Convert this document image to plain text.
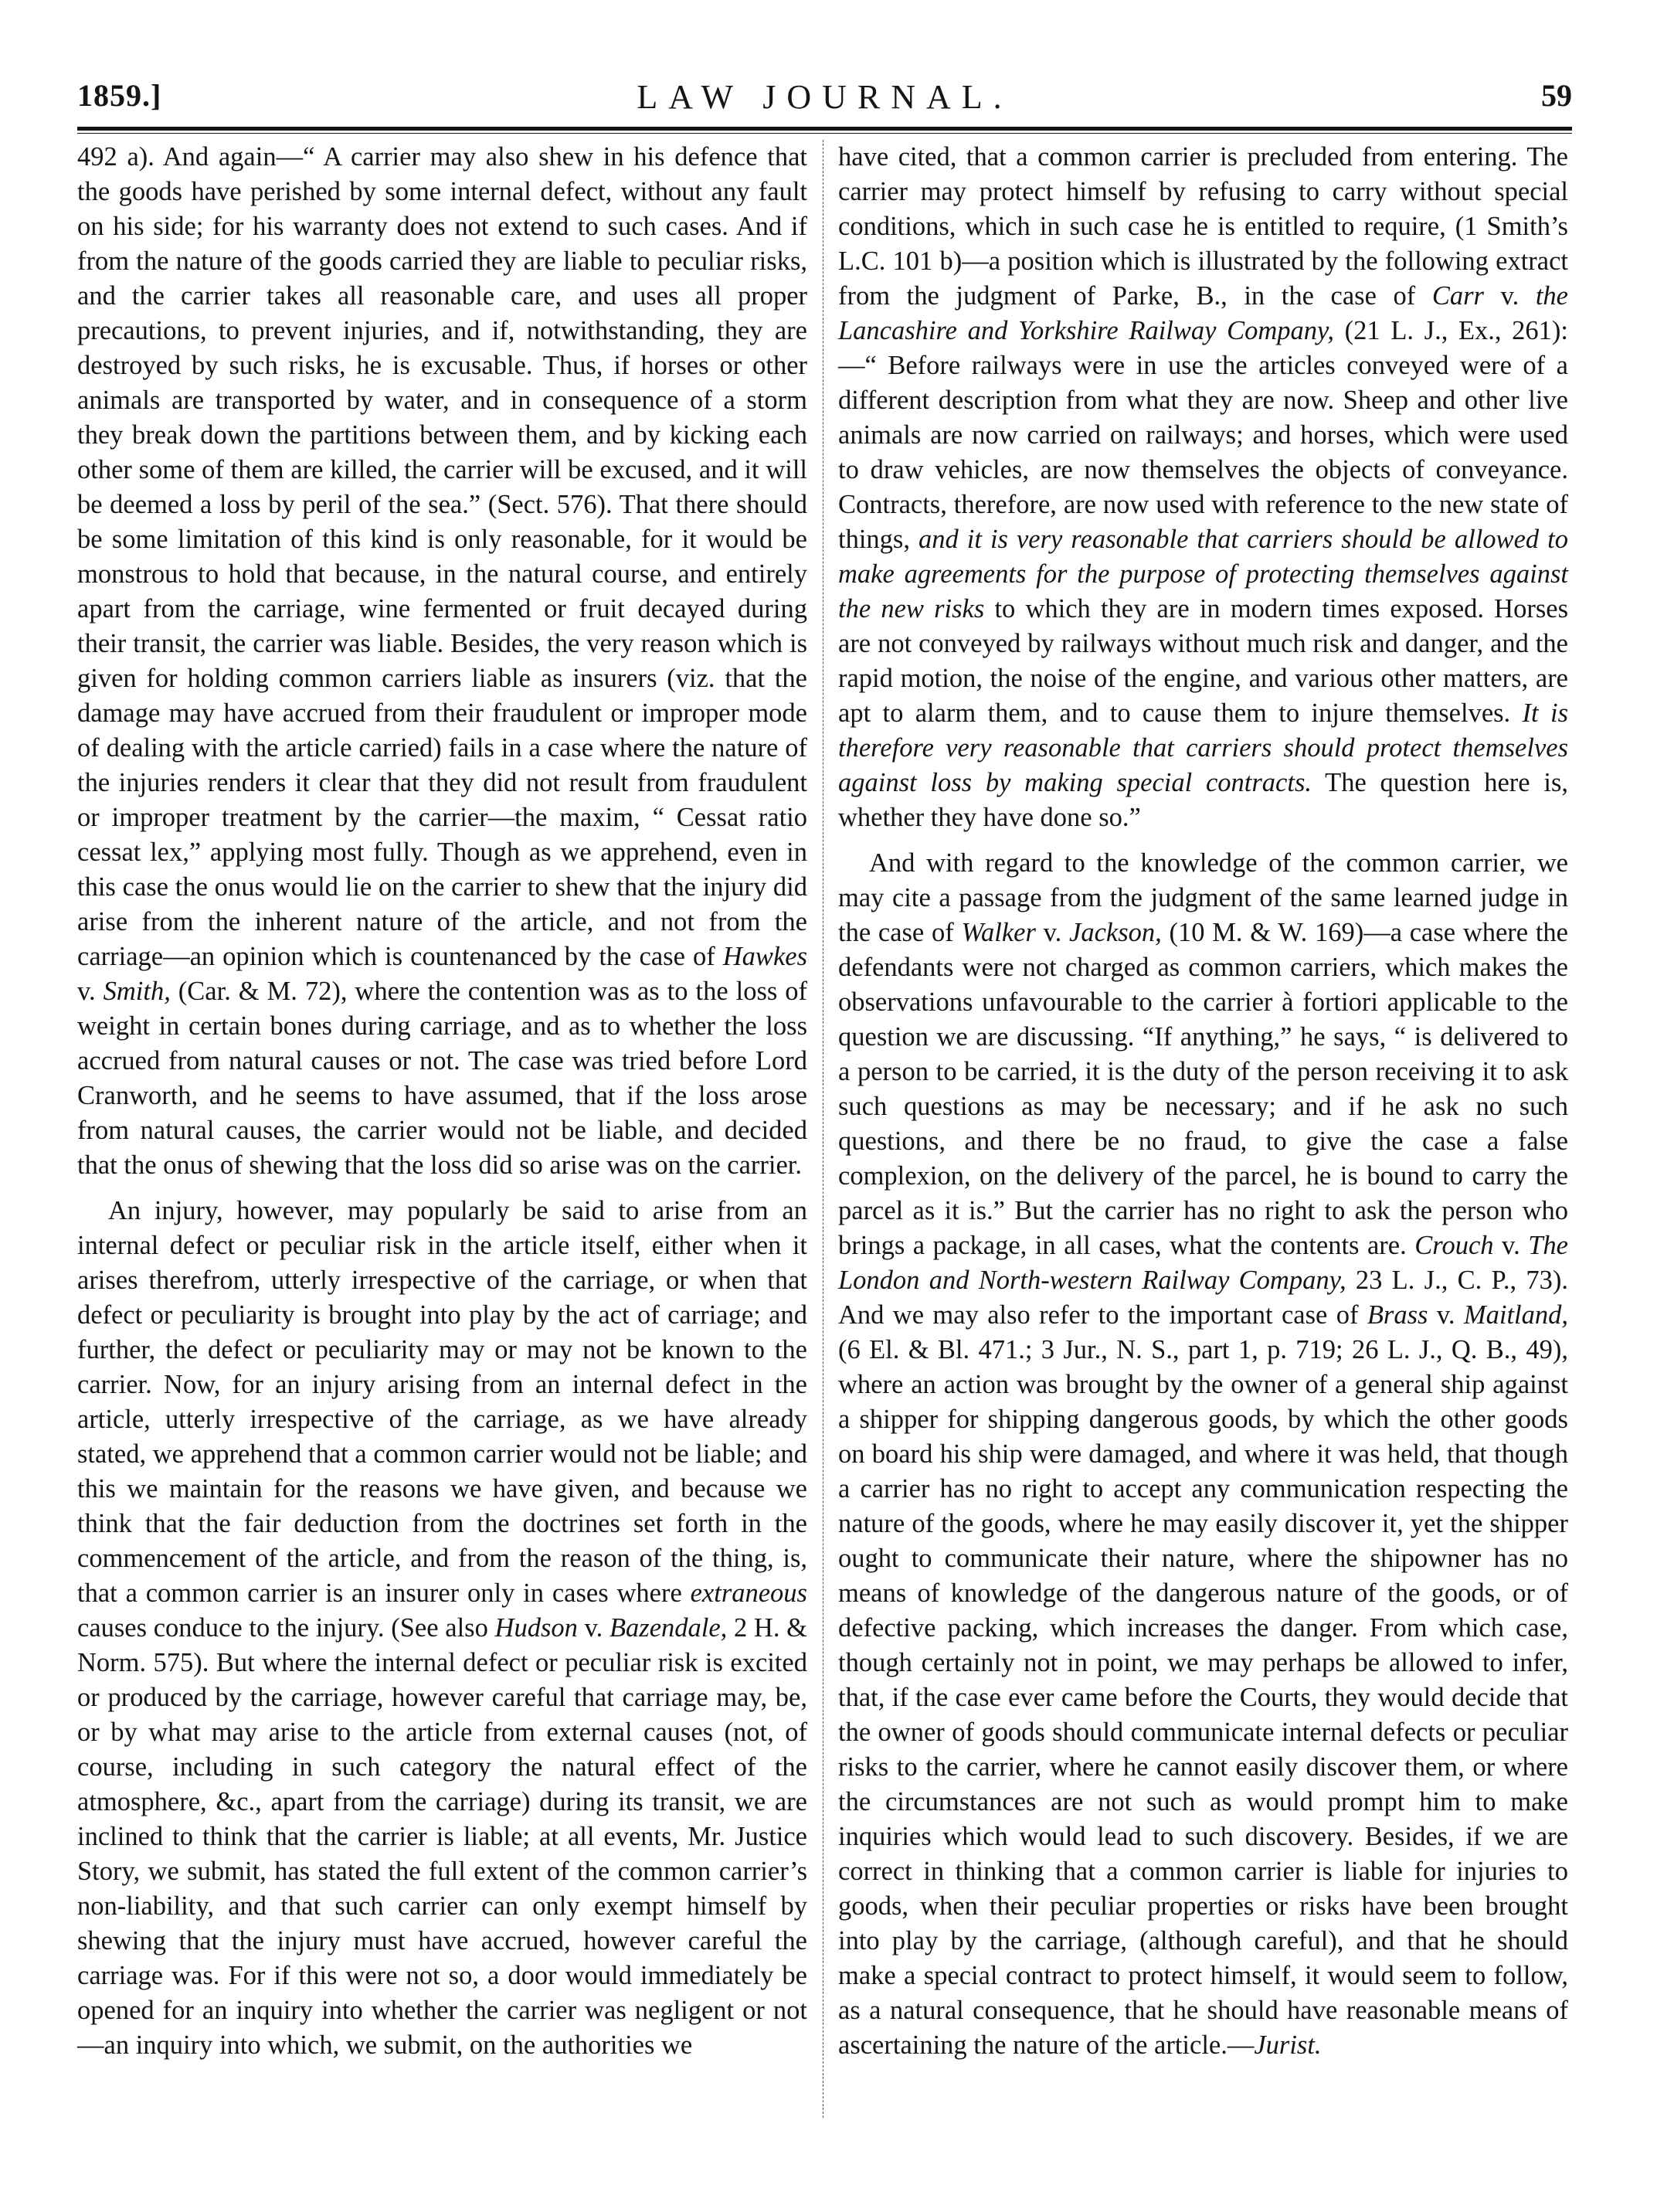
1859.]	LAW JOURNAL.	59

492 a). And again—“ A carrier may also shew in his defence that the goods have perished by some internal defect, without any fault on his side; for his warranty does not extend to such cases. And if from the nature of the goods carried they are liable to peculiar risks, and the carrier takes all reasonable care, and uses all proper precautions, to prevent injuries, and if, notwithstanding, they are destroyed by such risks, he is excusable. Thus, if horses or other animals are transported by water, and in consequence of a storm they break down the partitions between them, and by kicking each other some of them are killed, the carrier will be excused, and it will be deemed a loss by peril of the sea.” (Sect. 576). That there should be some limitation of this kind is only reasonable, for it would be monstrous to hold that because, in the natural course, and entirely apart from the carriage, wine fermented or fruit decayed during their transit, the carrier was liable. Besides, the very reason which is given for holding common carriers liable as insurers (viz. that the damage may have accrued from their fraudulent or improper mode of dealing with the article carried) fails in a case where the nature of the injuries renders it clear that they did not result from fraudulent or improper treatment by the carrier—the maxim, “ Cessat ratio cessat lex,” applying most fully. Though as we apprehend, even in this case the onus would lie on the carrier to shew that the injury did arise from the inherent nature of the article, and not from the carriage—an opinion which is countenanced by the case of Hawkes v. Smith, (Car. & M. 72), where the contention was as to the loss of weight in certain bones during carriage, and as to whether the loss accrued from natural causes or not. The case was tried before Lord Cranworth, and he seems to have assumed, that if the loss arose from natural causes, the carrier would not be liable, and decided that the onus of shewing that the loss did so arise was on the carrier.

An injury, however, may popularly be said to arise from an internal defect or peculiar risk in the article itself, either when it arises therefrom, utterly irrespective of the carriage, or when that defect or peculiarity is brought into play by the act of carriage; and further, the defect or peculiarity may or may not be known to the carrier. Now, for an injury arising from an internal defect in the article, utterly irrespective of the carriage, as we have already stated, we apprehend that a common carrier would not be liable; and this we maintain for the reasons we have given, and because we think that the fair deduction from the doctrines set forth in the commencement of the article, and from the reason of the thing, is, that a common carrier is an insurer only in cases where extraneous causes conduce to the injury. (See also Hudson v. Bazendale, 2 H. & Norm. 575). But where the internal defect or peculiar risk is excited or produced by the carriage, however careful that carriage may, be, or by what may arise to the article from external causes (not, of course, including in such category the natural effect of the atmosphere, &c., apart from the carriage) during its transit, we are inclined to think that the carrier is liable; at all events, Mr. Justice Story, we submit, has stated the full extent of the common carrier’s non-liability, and that such carrier can only exempt himself by shewing that the injury must have accrued, however careful the carriage was. For if this were not so, a door would immediately be opened for an inquiry into whether the carrier was negligent or not —an inquiry into which, we submit, on the authorities we

have cited, that a common carrier is precluded from entering. The carrier may protect himself by refusing to carry without special conditions, which in such case he is entitled to require, (1 Smith’s L.C. 101 b)—a position which is illustrated by the following extract from the judgment of Parke, B., in the case of Carr v. the Lancashire and Yorkshire Railway Company, (21 L. J., Ex., 261):—“ Before railways were in use the articles conveyed were of a different description from what they are now. Sheep and other live animals are now carried on railways; and horses, which were used to draw vehicles, are now themselves the objects of conveyance. Contracts, therefore, are now used with reference to the new state of things, and it is very reasonable that carriers should be allowed to make agreements for the purpose of protecting themselves against the new risks to which they are in modern times exposed. Horses are not conveyed by railways without much risk and danger, and the rapid motion, the noise of the engine, and various other matters, are apt to alarm them, and to cause them to injure themselves. It is therefore very reasonable that carriers should protect themselves against loss by making special contracts. The question here is, whether they have done so.”

And with regard to the knowledge of the common carrier, we may cite a passage from the judgment of the same learned judge in the case of Walker v. Jackson, (10 M. & W. 169)—a case where the defendants were not charged as common carriers, which makes the observations unfavourable to the carrier à fortiori applicable to the question we are discussing. “If anything,” he says, “ is delivered to a person to be carried, it is the duty of the person receiving it to ask such questions as may be necessary; and if he ask no such questions, and there be no fraud, to give the case a false complexion, on the delivery of the parcel, he is bound to carry the parcel as it is.” But the carrier has no right to ask the person who brings a package, in all cases, what the contents are. Crouch v. The London and North-western Railway Company, 23 L. J., C. P., 73). And we may also refer to the important case of Brass v. Maitland, (6 El. & Bl. 471.; 3 Jur., N. S., part 1, p. 719; 26 L. J., Q. B., 49), where an action was brought by the owner of a general ship against a shipper for shipping dangerous goods, by which the other goods on board his ship were damaged, and where it was held, that though a carrier has no right to accept any communication respecting the nature of the goods, where he may easily discover it, yet the shipper ought to communicate their nature, where the shipowner has no means of knowledge of the dangerous nature of the goods, or of defective packing, which increases the danger. From which case, though certainly not in point, we may perhaps be allowed to infer, that, if the case ever came before the Courts, they would decide that the owner of goods should communicate internal defects or peculiar risks to the carrier, where he cannot easily discover them, or where the circumstances are not such as would prompt him to make inquiries which would lead to such discovery. Besides, if we are correct in thinking that a common carrier is liable for injuries to goods, when their peculiar properties or risks have been brought into play by the carriage, (although careful), and that he should make a special contract to protect himself, it would seem to follow, as a natural consequence, that he should have reasonable means of ascertaining the nature of the article.—Jurist.
